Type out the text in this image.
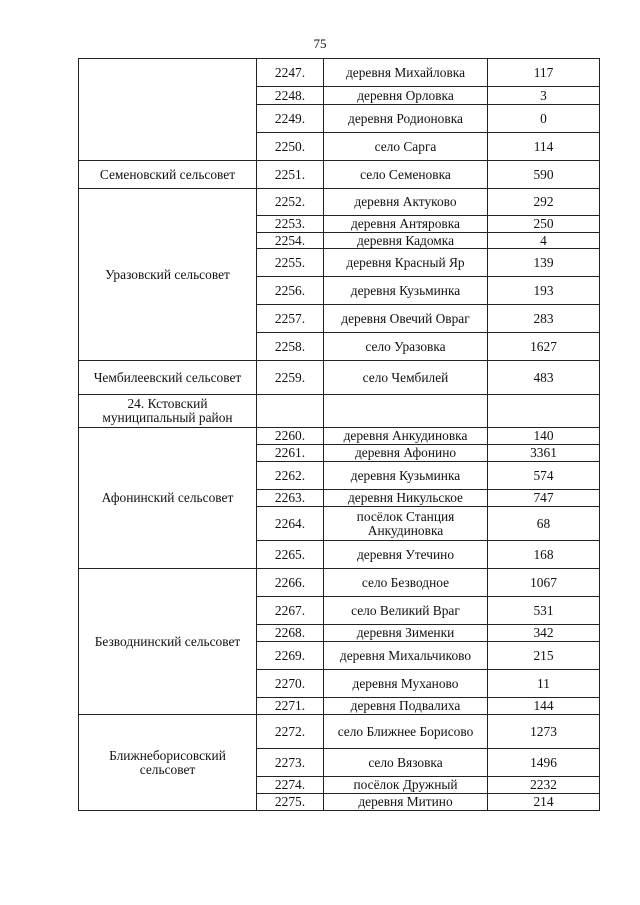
75
	2247.	деревня Михайловка	117
	2248.	деревня Орловка	3
	2249.	деревня Родионовка	0
	2250.	село Сарга	114
Семеновский сельсовет	2251.	село Семеновка	590
Уразовский сельсовет	2252.	деревня Актуково	292
	2253.	деревня Антяровка	250
	2254.	деревня Кадомка	4
	2255.	деревня Красный Яр	139
	2256.	деревня Кузьминка	193
	2257.	деревня Овечий Овраг	283
	2258.	село Уразовка	1627
Чембилеевский сельсовет	2259.	село Чембилей	483
24. Кстовский муниципальный район			
Афонинский сельсовет	2260.	деревня Анкудиновка	140
	2261.	деревня Афонино	3361
	2262.	деревня Кузьминка	574
	2263.	деревня Никульское	747
	2264.	посёлок Станция Анкудиновка	68
	2265.	деревня Утечино	168
Безводнинский сельсовет	2266.	село Безводное	1067
	2267.	село Великий Враг	531
	2268.	деревня Зименки	342
	2269.	деревня Михальчиково	215
	2270.	деревня Муханово	11
	2271.	деревня Подвалиха	144
Ближнеборисовский сельсовет	2272.	село Ближнее Борисово	1273
	2273.	село Вязовка	1496
	2274.	посёлок Дружный	2232
	2275.	деревня Митино	214
